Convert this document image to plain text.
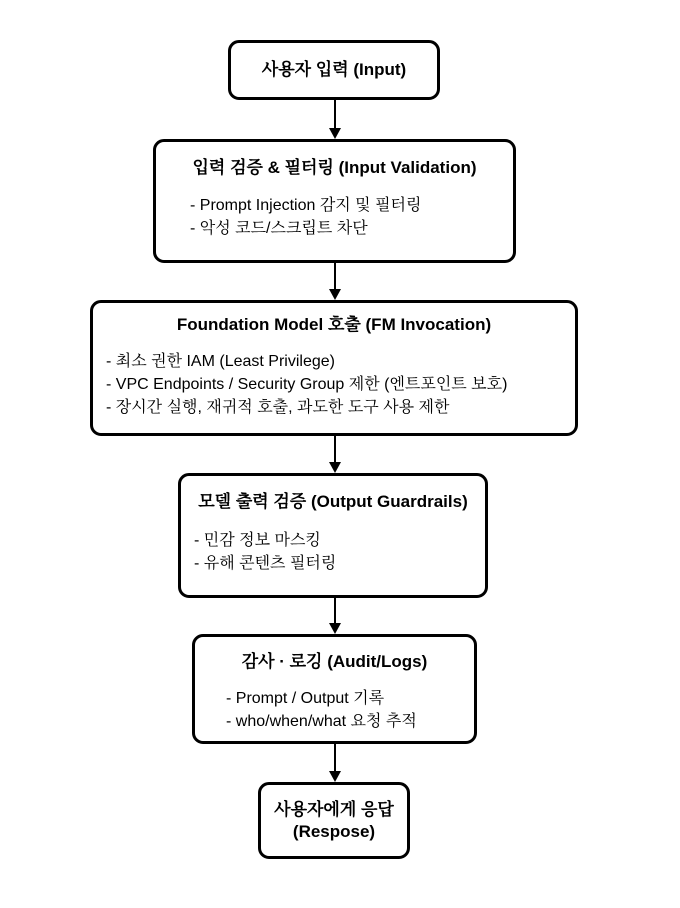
사용자 입력 (Input)
입력 검증 & 필터링 (Input Validation)
- Prompt Injection 감지 및 필터링
- 악성 코드/스크립트 차단
Foundation Model 호출 (FM Invocation)
- 최소 권한 IAM (Least Privilege)
- VPC Endpoints / Security Group 제한 (엔트포인트 보호)
- 장시간 실행, 재귀적 호출, 과도한 도구 사용 제한
모델 출력 검증 (Output Guardrails)
- 민감 정보 마스킹
- 유해 콘텐츠 필터링
감사 · 로깅 (Audit/Logs)
- Prompt / Output 기록
- who/when/what 요청 추적
사용자에게 응답
(Respose)
